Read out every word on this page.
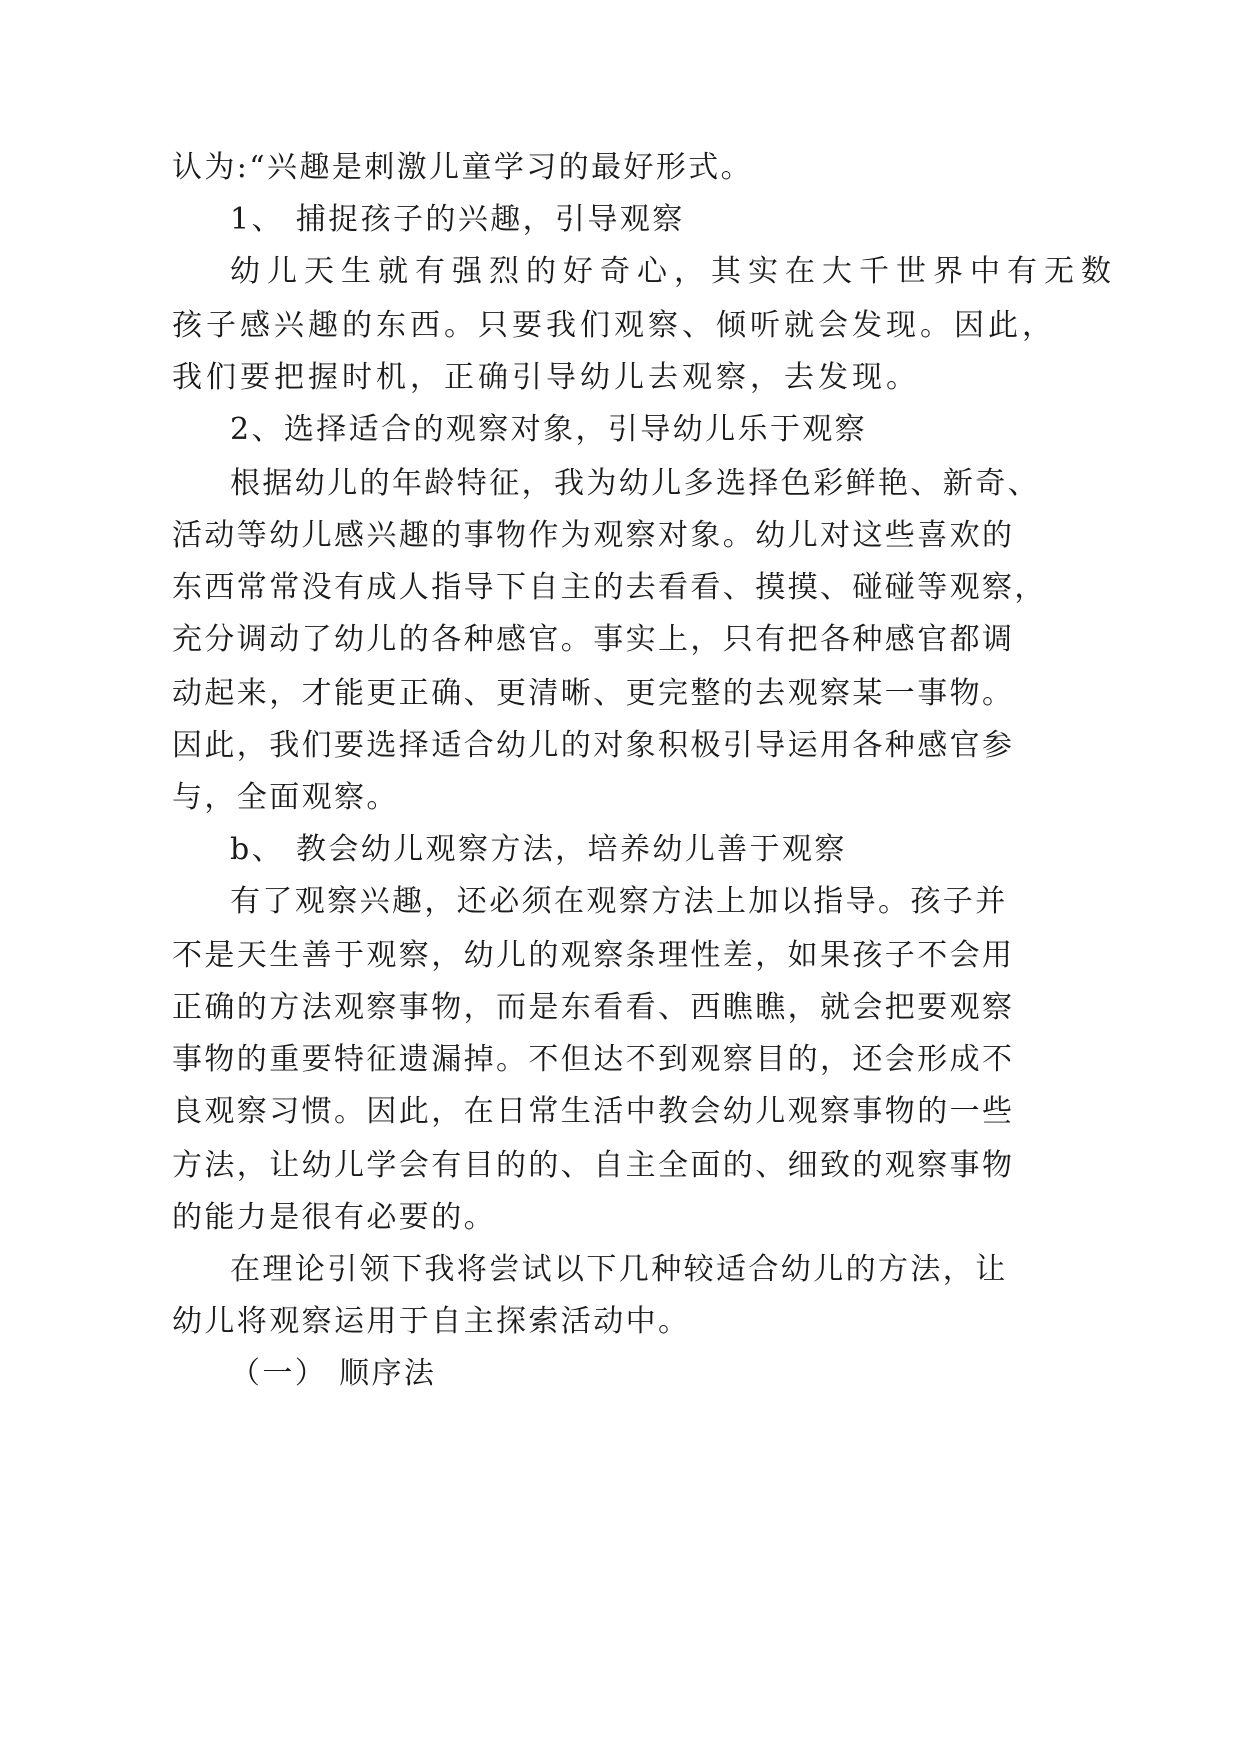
认为:“兴趣是刺激儿童学习的最好形式。
1、 捕捉孩子的兴趣，引导观察
幼儿天生就有强烈的好奇心，其实在大千世界中有无数
孩子感兴趣的东西。只要我们观察、倾听就会发现。因此，
我们要把握时机，正确引导幼儿去观察，去发现。
2、选择适合的观察对象，引导幼儿乐于观察
根据幼儿的年龄特征，我为幼儿多选择色彩鲜艳、新奇、
活动等幼儿感兴趣的事物作为观察对象。幼儿对这些喜欢的
东西常常没有成人指导下自主的去看看、摸摸、碰碰等观察，
充分调动了幼儿的各种感官。事实上，只有把各种感官都调
动起来，才能更正确、更清晰、更完整的去观察某一事物。
因此，我们要选择适合幼儿的对象积极引导运用各种感官参
与，全面观察。
b、 教会幼儿观察方法，培养幼儿善于观察
有了观察兴趣，还必须在观察方法上加以指导。孩子并
不是天生善于观察，幼儿的观察条理性差，如果孩子不会用
正确的方法观察事物，而是东看看、西瞧瞧，就会把要观察
事物的重要特征遗漏掉。不但达不到观察目的，还会形成不
良观察习惯。因此，在日常生活中教会幼儿观察事物的一些
方法，让幼儿学会有目的的、自主全面的、细致的观察事物
的能力是很有必要的。
在理论引领下我将尝试以下几种较适合幼儿的方法，让
幼儿将观察运用于自主探索活动中。
（一） 顺序法
